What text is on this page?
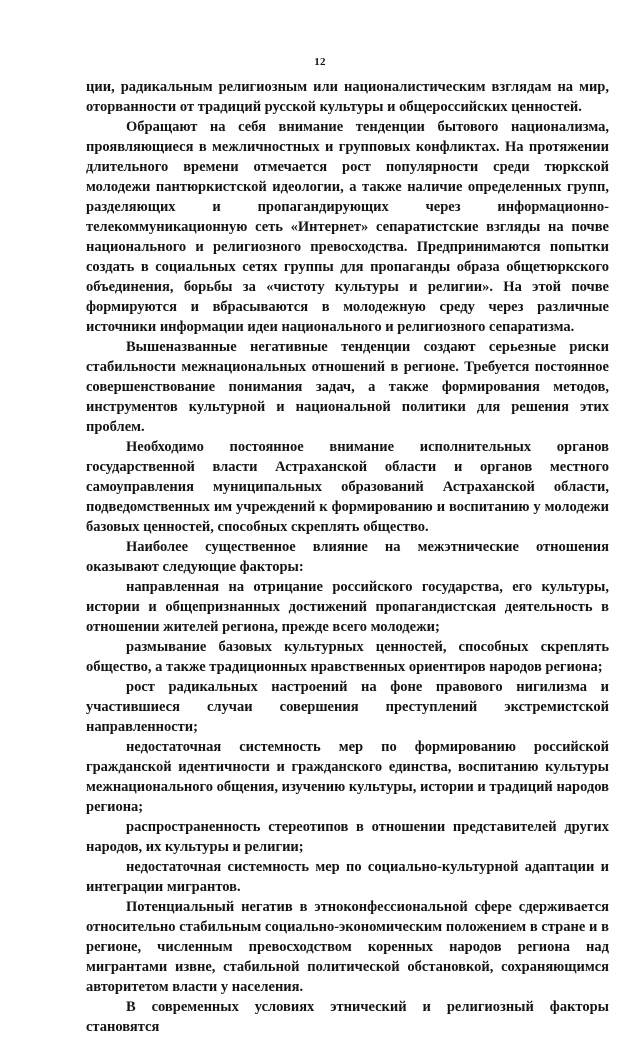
12

ции, радикальным религиозным или националистическим взглядам на мир, оторванности от традиций русской культуры и общероссийских ценностей.

Обращают на себя внимание тенденции бытового национализма, проявляющиеся в межличностных и групповых конфликтах. На протяжении длительного времени отмечается рост популярности среди тюркской молодежи пантюркистской идеологии, а также наличие определенных групп, разделяющих и пропагандирующих через информационно-телекоммуникационную сеть «Интернет» сепаратистские взгляды на почве национального и религиозного превосходства. Предпринимаются попытки создать в социальных сетях группы для пропаганды образа общетюркского объединения, борьбы за «чистоту культуры и религии». На этой почве формируются и вбрасываются в молодежную среду через различные источники информации идеи национального и религиозного сепаратизма.

Вышеназванные негативные тенденции создают серьезные риски стабильности межнациональных отношений в регионе. Требуется постоянное совершенствование понимания задач, а также формирования методов, инструментов культурной и национальной политики для решения этих проблем.

Необходимо постоянное внимание исполнительных органов государственной власти Астраханской области и органов местного самоуправления муниципальных образований Астраханской области, подведомственных им учреждений к формированию и воспитанию у молодежи базовых ценностей, способных скреплять общество.

Наиболее существенное влияние на межэтнические отношения оказывают следующие факторы:

направленная на отрицание российского государства, его культуры, истории и общепризнанных достижений пропагандистская деятельность в отношении жителей региона, прежде всего молодежи;

размывание базовых культурных ценностей, способных скреплять общество, а также традиционных нравственных ориентиров народов региона;

рост радикальных настроений на фоне правового нигилизма и участившиеся случаи совершения преступлений экстремистской направленности;

недостаточная системность мер по формированию российской гражданской идентичности и гражданского единства, воспитанию культуры межнационального общения, изучению культуры, истории и традиций народов региона;

распространенность стереотипов в отношении представителей других народов, их культуры и религии;

недостаточная системность мер по социально-культурной адаптации и интеграции мигрантов.

Потенциальный негатив в этноконфессиональной сфере сдерживается относительно стабильным социально-экономическим положением в стране и в регионе, численным превосходством коренных народов региона над мигрантами извне, стабильной политической обстановкой, сохраняющимся авторитетом власти у населения.

В современных условиях этнический и религиозный факторы становятся
